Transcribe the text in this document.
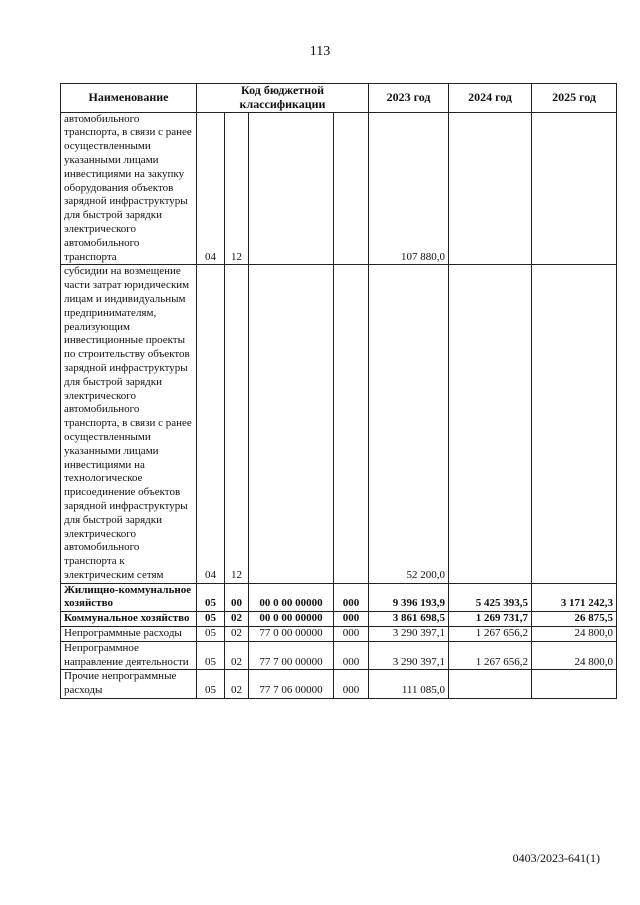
113
Наименование	Код бюджетной классификации				2023 год	2024 год	2025 год
автомобильного транспорта, в связи с ранее осуществленными указанными лицами инвестициями на закупку оборудования объектов зарядной инфраструктуры для быстрой зарядки электрического автомобильного транспорта	04	12			107 880,0		
субсидии на возмещение части затрат юридическим лицам и индивидуальным предпринимателям, реализующим инвестиционные проекты по строительству объектов зарядной инфраструктуры для быстрой зарядки электрического автомобильного транспорта, в связи с ранее осуществленными указанными лицами инвестициями на технологическое присоединение объектов зарядной инфраструктуры для быстрой зарядки электрического автомобильного транспорта к электрическим сетям	04	12			52 200,0		
Жилищно-коммунальное хозяйство	05	00	00 0 00 00000	000	9 396 193,9	5 425 393,5	3 171 242,3
Коммунальное хозяйство	05	02	00 0 00 00000	000	3 861 698,5	1 269 731,7	26 875,5
Непрограммные расходы	05	02	77 0 00 00000	000	3 290 397,1	1 267 656,2	24 800,0
Непрограммное направление деятельности	05	02	77 7 00 00000	000	3 290 397,1	1 267 656,2	24 800,0
Прочие непрограммные расходы	05	02	77 7 06 00000	000	111 085,0		
0403/2023-641(1)
